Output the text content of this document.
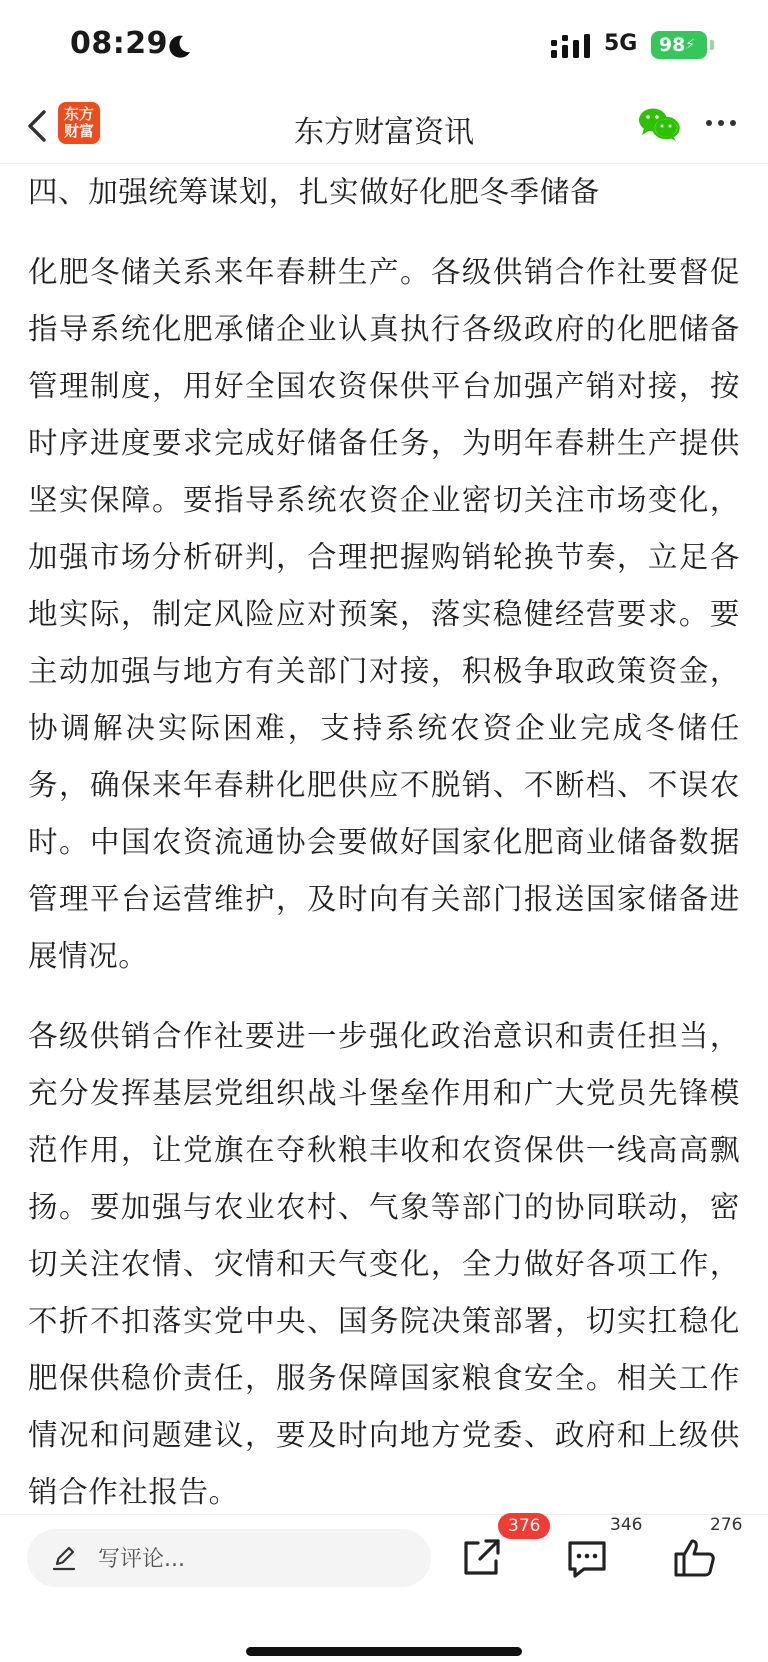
08:29	5G 98 ⚡
东方财富资讯
东方
财富

四、加强统筹谋划，扎实做好化肥冬季储备

化肥冬储关系来年春耕生产。各级供销合作社要督促指导系统化肥承储企业认真执行各级政府的化肥储备管理制度，用好全国农资保供平台加强产销对接，按时序进度要求完成好储备任务，为明年春耕生产提供坚实保障。要指导系统农资企业密切关注市场变化，加强市场分析研判，合理把握购销轮换节奏，立足各地实际，制定风险应对预案，落实稳健经营要求。要主动加强与地方有关部门对接，积极争取政策资金，协调解决实际困难，支持系统农资企业完成冬储任务，确保来年春耕化肥供应不脱销、不断档、不误农时。中国农资流通协会要做好国家化肥商业储备数据管理平台运营维护，及时向有关部门报送国家储备进展情况。

各级供销合作社要进一步强化政治意识和责任担当，充分发挥基层党组织战斗堡垒作用和广大党员先锋模范作用，让党旗在夺秋粮丰收和农资保供一线高高飘扬。要加强与农业农村、气象等部门的协同联动，密切关注农情、灾情和天气变化，全力做好各项工作，不折不扣落实党中央、国务院决策部署，切实扛稳化肥保供稳价责任，服务保障国家粮食安全。相关工作情况和问题建议，要及时向地方党委、政府和上级供销合作社报告。

写评论...
376	346	276
